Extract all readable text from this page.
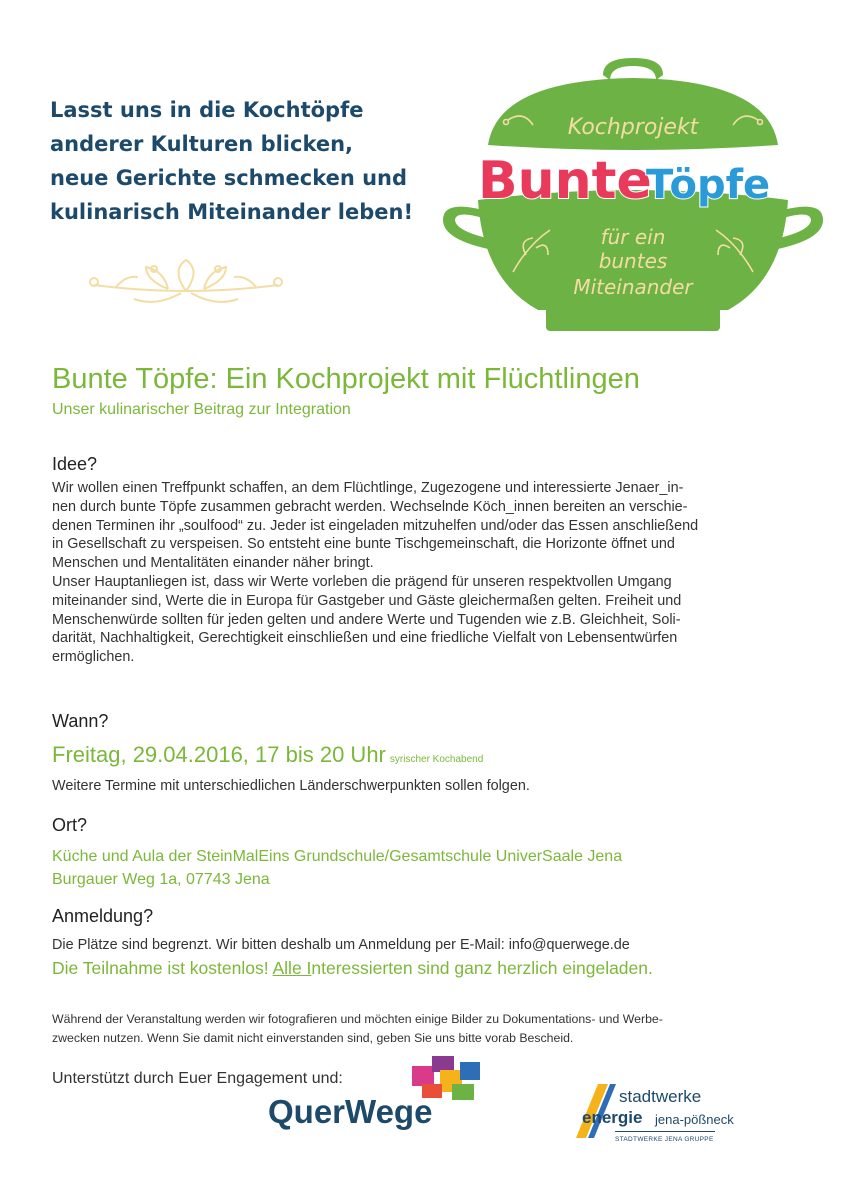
Lasst uns in die Kochtöpfe
anderer Kulturen blicken,
neue Gerichte schmecken und
kulinarisch Miteinander leben!
Kochprojekt
Bunte
Töpfe
für ein
buntes
Miteinander
Bunte Töpfe: Ein Kochprojekt mit Flüchtlingen
Unser kulinarischer Beitrag zur Integration
Idee?
Wir wollen einen Treffpunkt schaffen, an dem Flüchtlinge, Zugezogene und interessierte Jenaer_in-
nen durch bunte Töpfe zusammen gebracht werden. Wechselnde Köch_innen bereiten an verschie-
denen Terminen ihr „soulfood“ zu. Jeder ist eingeladen mitzuhelfen und/oder das Essen anschließend
in Gesellschaft zu verspeisen. So entsteht eine bunte Tischgemeinschaft, die Horizonte öffnet und
Menschen und Mentalitäten einander näher bringt.
Unser Hauptanliegen ist, dass wir Werte vorleben die prägend für unseren respektvollen Umgang
miteinander sind, Werte die in Europa für Gastgeber und Gäste gleichermaßen gelten. Freiheit und
Menschenwürde sollten für jeden gelten und andere Werte und Tugenden wie z.B. Gleichheit, Soli-
darität, Nachhaltigkeit, Gerechtigkeit einschließen und eine friedliche Vielfalt von Lebensentwürfen
ermöglichen.
Wann?
Freitag, 29.04.2016, 17 bis 20 Uhr syrischer Kochabend
Weitere Termine mit unterschiedlichen Länderschwerpunkten sollen folgen.
Ort?
Küche und Aula der SteinMalEins Grundschule/Gesamtschule UniverSaale Jena
Burgauer Weg 1a, 07743 Jena
Anmeldung?
Die Plätze sind begrenzt. Wir bitten deshalb um Anmeldung per E-Mail: info@querwege.de
Die Teilnahme ist kostenlos! Alle Interessierten sind ganz herzlich eingeladen.
Während der Veranstaltung werden wir fotografieren und möchten einige Bilder zu Dokumentations- und Werbe-
zwecken nutzen. Wenn Sie damit nicht einverstanden sind, geben Sie uns bitte vorab Bescheid.
Unterstützt durch Euer Engagement und:
QuerWege	stadtwerke
energie jena-pößneck
STADTWERKE JENA GRUPPE
